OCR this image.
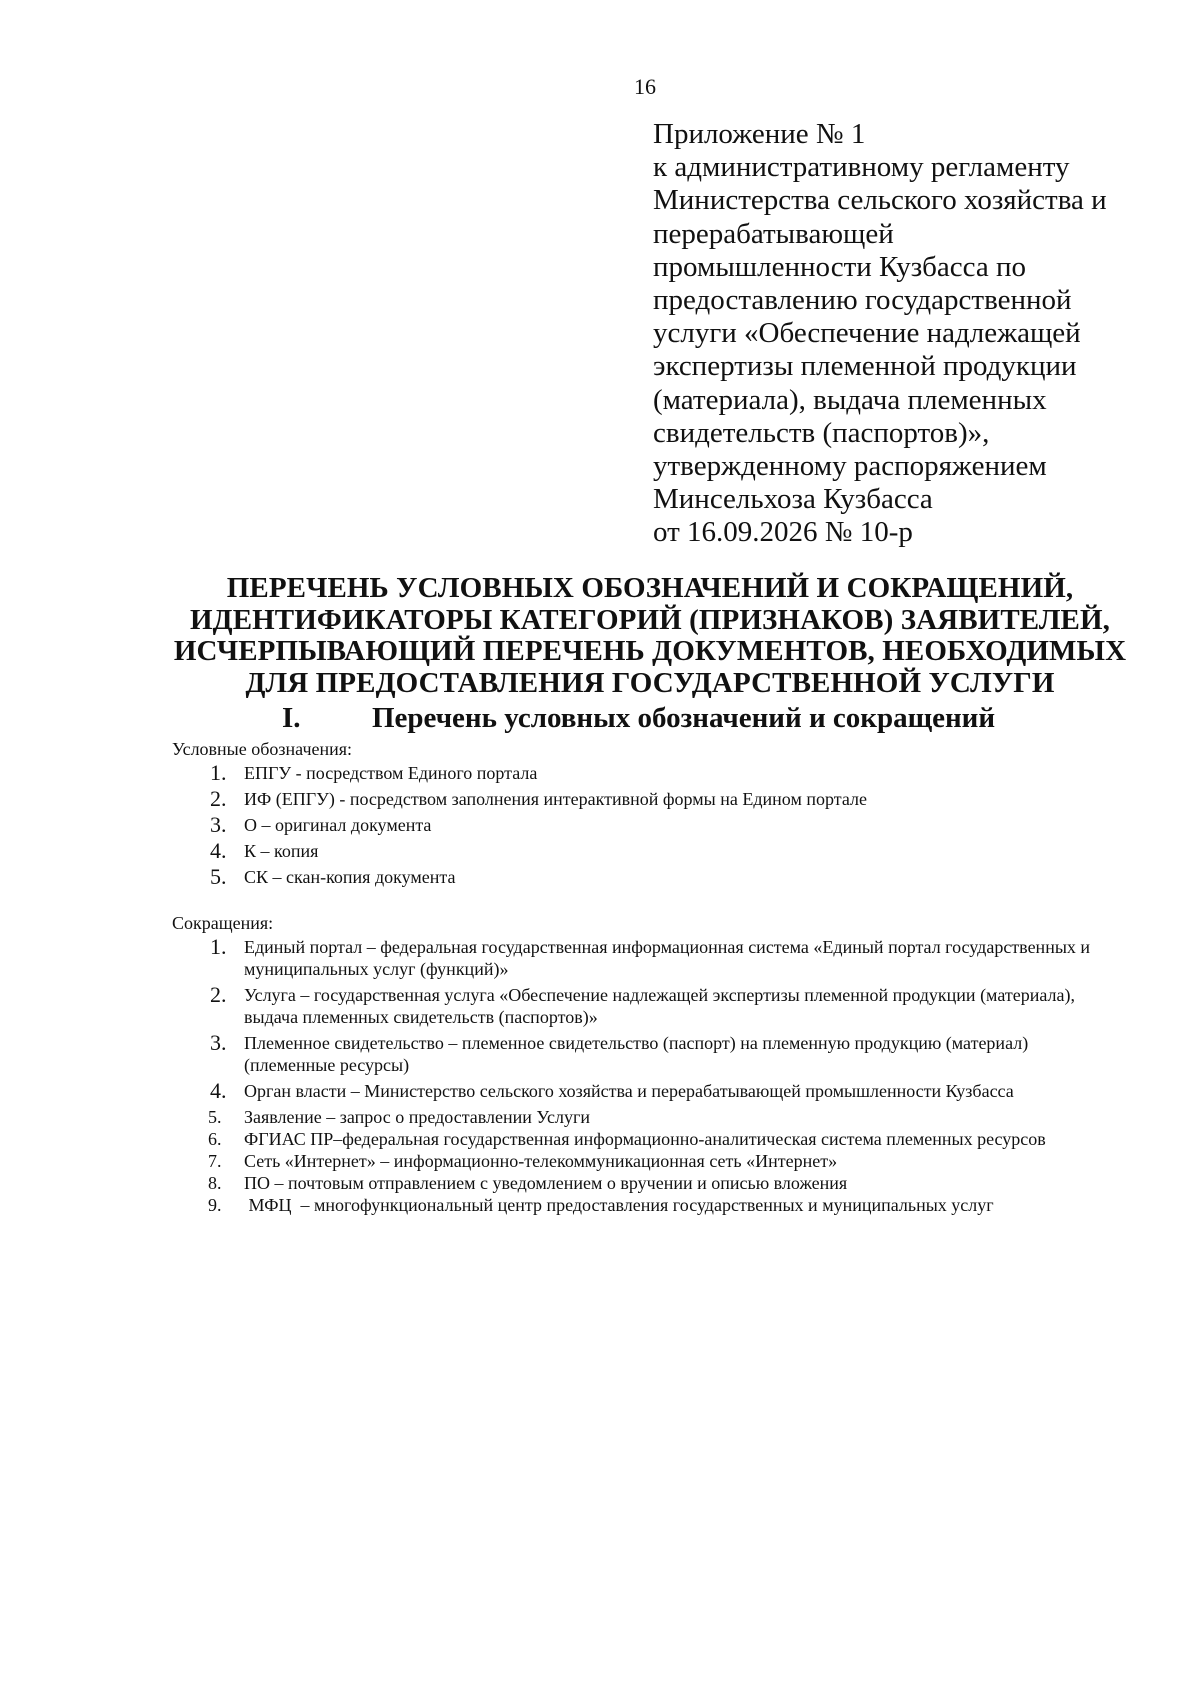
16
Приложение № 1
к административному регламенту
Министерства сельского хозяйства и
перерабатывающей
промышленности Кузбасса по
предоставлению государственной
услуги «Обеспечение надлежащей
экспертизы племенной продукции
(материала), выдача племенных
свидетельств (паспортов)»,
утвержденному распоряжением
Минсельхоза Кузбасса
от 16.09.2026 № 10-р
ПЕРЕЧЕНЬ УСЛОВНЫХ ОБОЗНАЧЕНИЙ И СОКРАЩЕНИЙ,
ИДЕНТИФИКАТОРЫ КАТЕГОРИЙ (ПРИЗНАКОВ) ЗАЯВИТЕЛЕЙ,
ИСЧЕРПЫВАЮЩИЙ ПЕРЕЧЕНЬ ДОКУМЕНТОВ, НЕОБХОДИМЫХ
ДЛЯ ПРЕДОСТАВЛЕНИЯ ГОСУДАРСТВЕННОЙ УСЛУГИ
I. Перечень условных обозначений и сокращений
Условные обозначения:
1. ЕПГУ - посредством Единого портала
2. ИФ (ЕПГУ) - посредством заполнения интерактивной формы на Едином портале
3. О – оригинал документа
4. К – копия
5. СК – скан-копия документа
Сокращения:
1. Единый портал – федеральная государственная информационная система «Единый портал государственных и муниципальных услуг (функций)»
2. Услуга – государственная услуга «Обеспечение надлежащей экспертизы племенной продукции (материала), выдача племенных свидетельств (паспортов)»
3. Племенное свидетельство – племенное свидетельство (паспорт) на племенную продукцию (материал) (племенные ресурсы)
4. Орган власти – Министерство сельского хозяйства и перерабатывающей промышленности Кузбасса
5. Заявление – запрос о предоставлении Услуги
6. ФГИАС ПР–федеральная государственная информационно-аналитическая система племенных ресурсов
7. Сеть «Интернет» – информационно-телекоммуникационная сеть «Интернет»
8. ПО – почтовым отправлением с уведомлением о вручении и описью вложения
9. МФЦ  – многофункциональный центр предоставления государственных и муниципальных услуг
